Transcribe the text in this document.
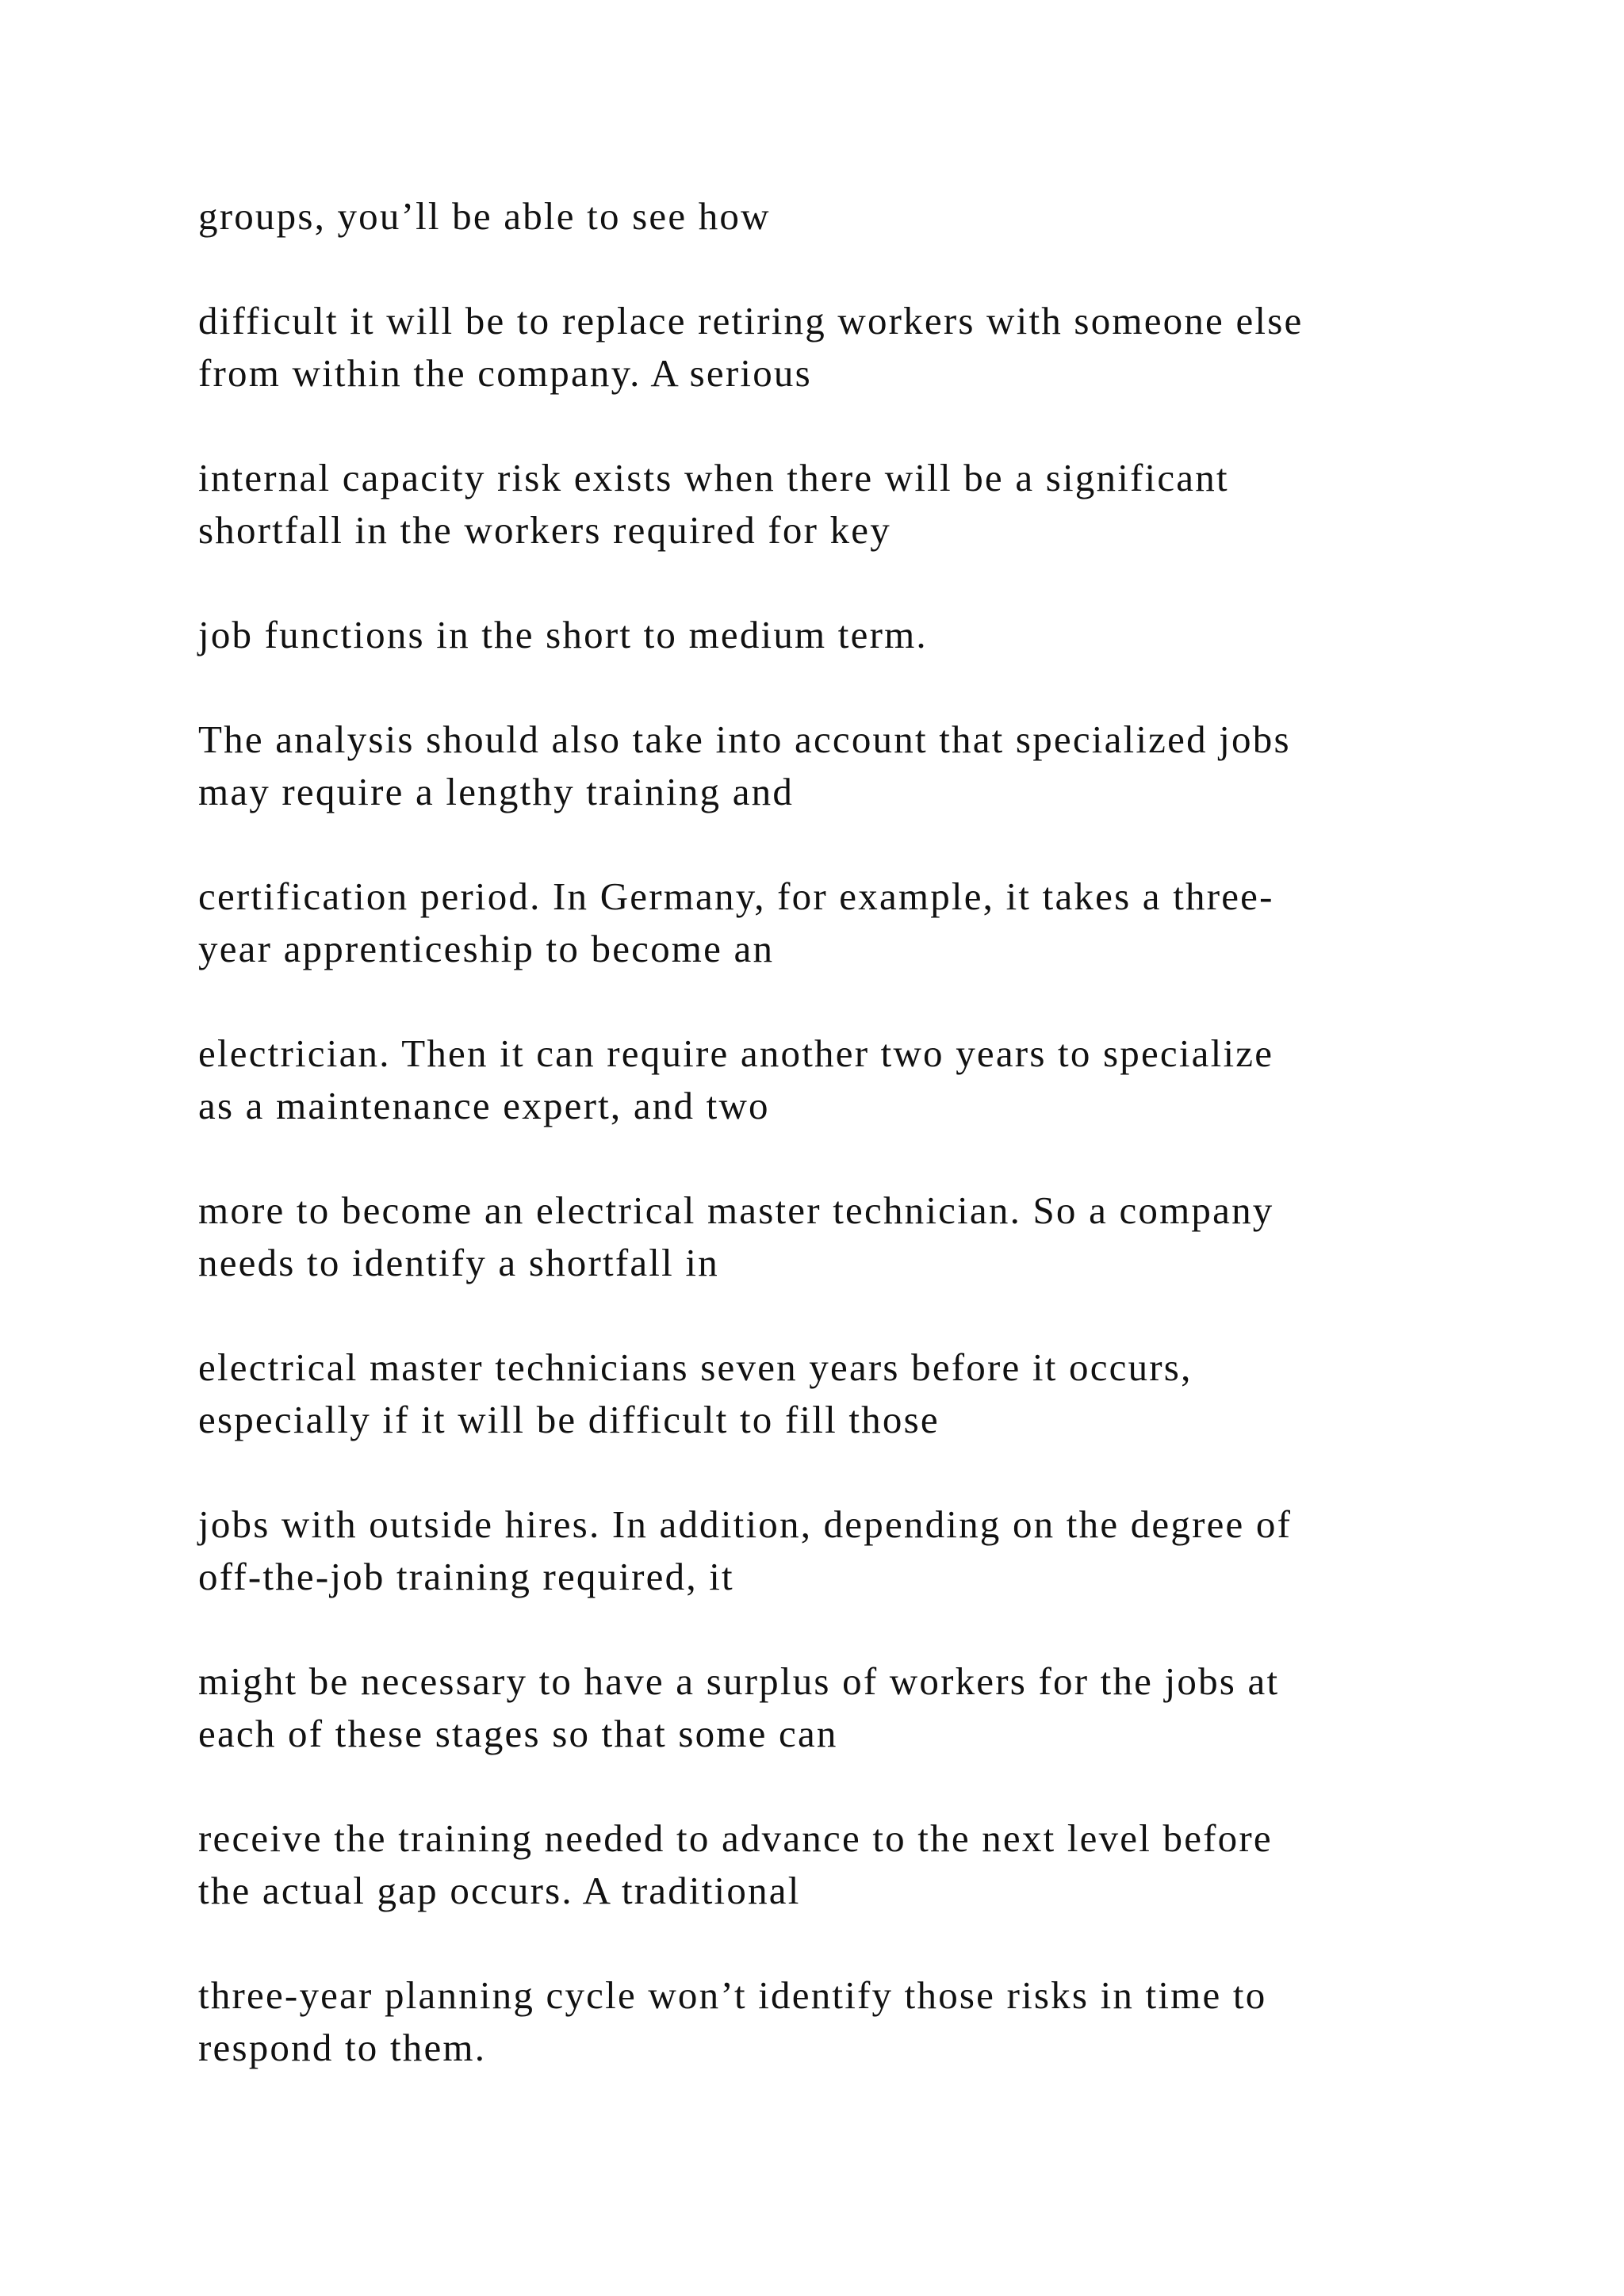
groups, you’ll be able to see how

difficult it will be to replace retiring workers with someone else
from within the company. A serious

internal capacity risk exists when there will be a significant
shortfall in the workers required for key

job functions in the short to medium term.

The analysis should also take into account that specialized jobs
may require a lengthy training and

certification period. In Germany, for example, it takes a three-
year apprenticeship to become an

electrician. Then it can require another two years to specialize
as a maintenance expert, and two

more to become an electrical master technician. So a company
needs to identify a shortfall in

electrical master technicians seven years before it occurs,
especially if it will be difficult to fill those

jobs with outside hires. In addition, depending on the degree of
off-the-job training required, it

might be necessary to have a surplus of workers for the jobs at
each of these stages so that some can

receive the training needed to advance to the next level before
the actual gap occurs. A traditional

three-year planning cycle won’t identify those risks in time to
respond to them.
